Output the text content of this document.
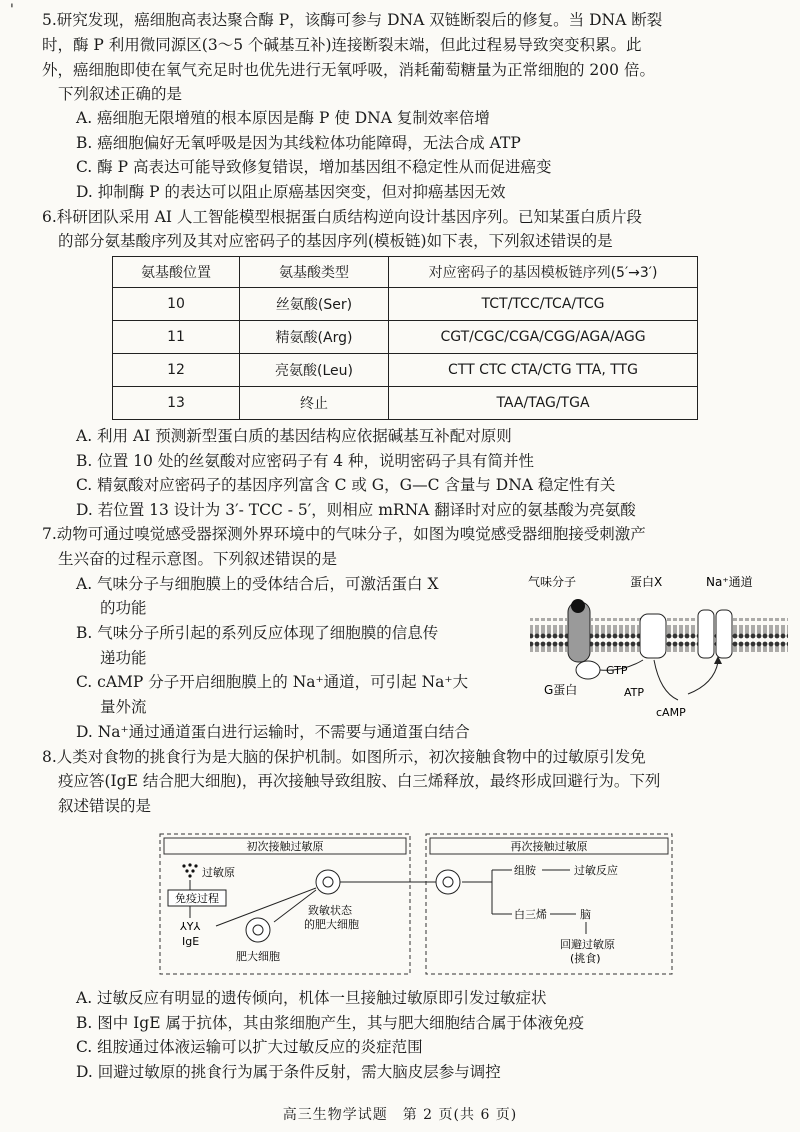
'
5.研究发现，癌细胞高表达聚合酶 P，该酶可参与 DNA 双链断裂后的修复。当 DNA 断裂
时，酶 P 利用微同源区(3～5 个碱基互补)连接断裂末端，但此过程易导致突变积累。此
外，癌细胞即使在氧气充足时也优先进行无氧呼吸，消耗葡萄糖量为正常细胞的 200 倍。
下列叙述正确的是
A. 癌细胞无限增殖的根本原因是酶 P 使 DNA 复制效率倍增
B. 癌细胞偏好无氧呼吸是因为其线粒体功能障碍，无法合成 ATP
C. 酶 P 高表达可能导致修复错误，增加基因组不稳定性从而促进癌变
D. 抑制酶 P 的表达可以阻止原癌基因突变，但对抑癌基因无效
6.科研团队采用 AI 人工智能模型根据蛋白质结构逆向设计基因序列。已知某蛋白质片段
的部分氨基酸序列及其对应密码子的基因序列(模板链)如下表，下列叙述错误的是
氨基酸位置	氨基酸类型	对应密码子的基因模板链序列(5′→3′)
10	丝氨酸(Ser)	TCT/TCC/TCA/TCG
11	精氨酸(Arg)	CGT/CGC/CGA/CGG/AGA/AGG
12	亮氨酸(Leu)	CTT CTC CTA/CTG TTA, TTG
13	终止	TAA/TAG/TGA
A. 利用 AI 预测新型蛋白质的基因结构应依据碱基互补配对原则
B. 位置 10 处的丝氨酸对应密码子有 4 种，说明密码子具有简并性
C. 精氨酸对应密码子的基因序列富含 C 或 G，G—C 含量与 DNA 稳定性有关
D. 若位置 13 设计为 3′- TCC - 5′，则相应 mRNA 翻译时对应的氨基酸为亮氨酸
7.动物可通过嗅觉感受器探测外界环境中的气味分子，如图为嗅觉感受器细胞接受刺激产
生兴奋的过程示意图。下列叙述错误的是
A. 气味分子与细胞膜上的受体结合后，可激活蛋白 X
的功能
B. 气味分子所引起的系列反应体现了细胞膜的信息传
递功能
C. cAMP 分子开启细胞膜上的 Na⁺通道，可引起 Na⁺大
量外流
D. Na⁺通过通道蛋白进行运输时，不需要与通道蛋白结合
气味分子	蛋白X	Na⁺通道
GTP
G蛋白	ATP
cAMP
8.人类对食物的挑食行为是大脑的保护机制。如图所示，初次接触食物中的过敏原引发免
疫应答(IgE 结合肥大细胞)，再次接触导致组胺、白三烯释放，最终形成回避行为。下列
叙述错误的是
初次接触过敏原	再次接触过敏原
过敏原
免疫过程
⅄Y⅄
IgE
肥大细胞
致敏状态
的肥大细胞
组胺	过敏反应
白三烯	脑
回避过敏原
(挑食)
A. 过敏反应有明显的遗传倾向，机体一旦接触过敏原即引发过敏症状
B. 图中 IgE 属于抗体，其由浆细胞产生，其与肥大细胞结合属于体液免疫
C. 组胺通过体液运输可以扩大过敏反应的炎症范围
D. 回避过敏原的挑食行为属于条件反射，需大脑皮层参与调控
高三生物学试题　第 2 页(共 6 页)
